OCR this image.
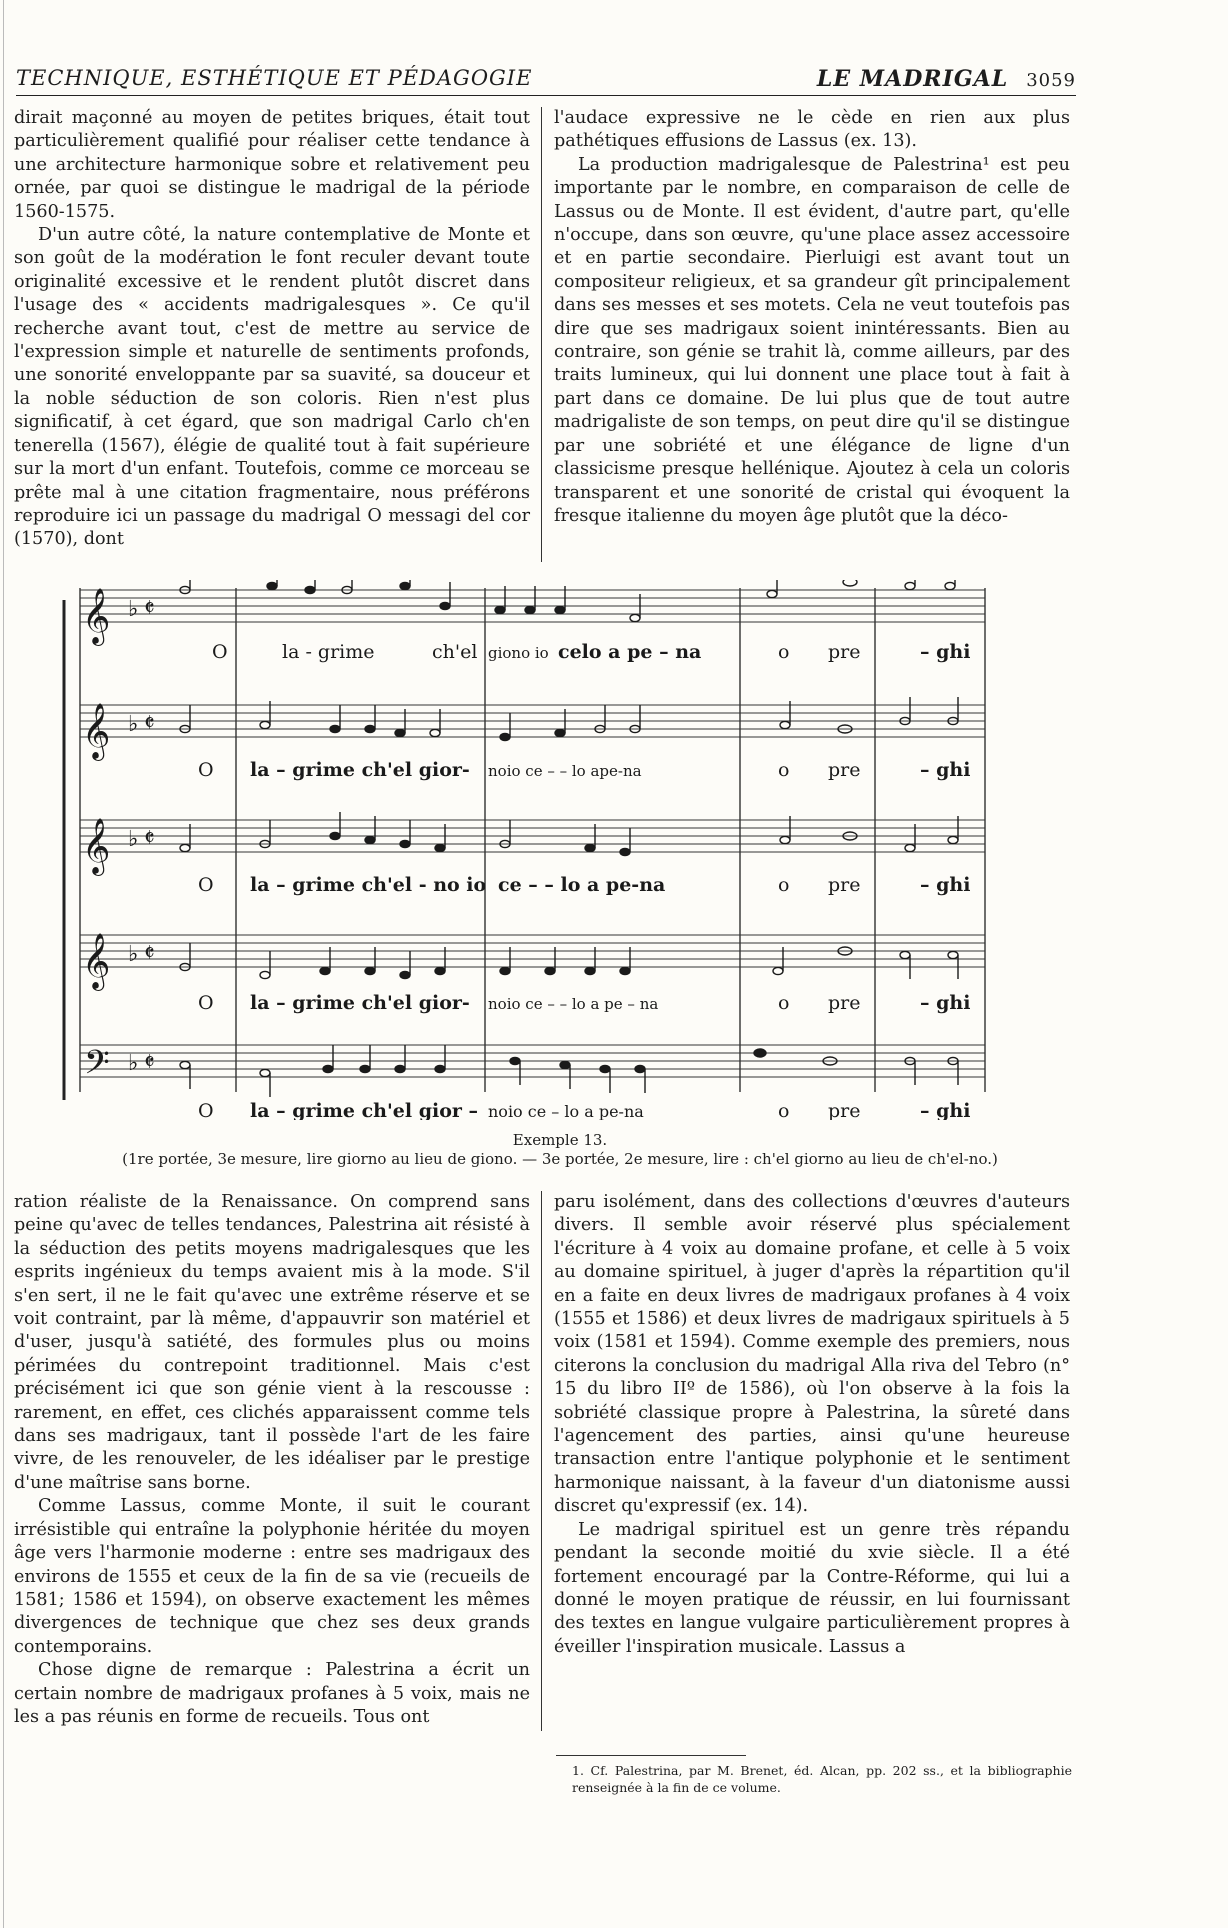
TECHNIQUE, ESTHÉTIQUE ET PÉDAGOGIE	LE MADRIGAL 3059

dirait maçonné au moyen de petites briques, était tout particulièrement qualifié pour réaliser cette tendance à une architecture harmonique sobre et relativement peu ornée, par quoi se distingue le madrigal de la période 1560-1575.

D'un autre côté, la nature contemplative de Monte et son goût de la modération le font reculer devant toute originalité excessive et le rendent plutôt discret dans l'usage des « accidents madrigalesques ». Ce qu'il recherche avant tout, c'est de mettre au service de l'expression simple et naturelle de sentiments profonds, une sonorité enveloppante par sa suavité, sa douceur et la noble séduction de son coloris. Rien n'est plus significatif, à cet égard, que son madrigal Carlo ch'en tenerella (1567), élégie de qualité tout à fait supérieure sur la mort d'un enfant. Toutefois, comme ce morceau se prête mal à une citation fragmentaire, nous préférons reproduire ici un passage du madrigal O messagi del cor (1570), dont

l'audace expressive ne le cède en rien aux plus pathétiques effusions de Lassus (ex. 13).

La production madrigalesque de Palestrina¹ est peu importante par le nombre, en comparaison de celle de Lassus ou de Monte. Il est évident, d'autre part, qu'elle n'occupe, dans son œuvre, qu'une place assez accessoire et en partie secondaire. Pierluigi est avant tout un compositeur religieux, et sa grandeur gît principalement dans ses messes et ses motets. Cela ne veut toutefois pas dire que ses madrigaux soient inintéressants. Bien au contraire, son génie se trahit là, comme ailleurs, par des traits lumineux, qui lui donnent une place tout à fait à part dans ce domaine. De lui plus que de tout autre madrigaliste de son temps, on peut dire qu'il se distingue par une sobriété et une élégance de ligne d'un classicisme presque hellénique. Ajoutez à cela un coloris transparent et une sonorité de cristal qui évoquent la fresque italienne du moyen âge plutôt que la déco-

𝄞
𝄞
𝄞
𝄞
𝄢
♭
♭
♭
♭
♭
𝄵
𝄵
𝄵
𝄵
𝄵
O	la - grime	ch'el giono io celo a pe – na	o pre	– ghi
O la – grime ch'el gior- noio ce – – lo ape-na	o pre	– ghi
O la – grime ch'el - no io ce – – lo a pe-na	o pre	– ghi
O la – grime ch'el gior- noio ce – – lo a pe – na	o pre	– ghi
O la – grime ch'el gior – noio ce – lo a pe-na	o pre	– ghi
Exemple 13.
(1re portée, 3e mesure, lire giorno au lieu de giono. — 3e portée, 2e mesure, lire : ch'el giorno au lieu de ch'el-no.)

ration réaliste de la Renaissance. On comprend sans peine qu'avec de telles tendances, Palestrina ait résisté à la séduction des petits moyens madrigalesques que les esprits ingénieux du temps avaient mis à la mode. S'il s'en sert, il ne le fait qu'avec une extrême réserve et se voit contraint, par là même, d'appauvrir son matériel et d'user, jusqu'à satiété, des formules plus ou moins périmées du contrepoint traditionnel. Mais c'est précisément ici que son génie vient à la rescousse : rarement, en effet, ces clichés apparaissent comme tels dans ses madrigaux, tant il possède l'art de les faire vivre, de les renouveler, de les idéaliser par le prestige d'une maîtrise sans borne.

Comme Lassus, comme Monte, il suit le courant irrésistible qui entraîne la polyphonie héritée du moyen âge vers l'harmonie moderne : entre ses madrigaux des environs de 1555 et ceux de la fin de sa vie (recueils de 1581; 1586 et 1594), on observe exactement les mêmes divergences de technique que chez ses deux grands contemporains.

Chose digne de remarque : Palestrina a écrit un certain nombre de madrigaux profanes à 5 voix, mais ne les a pas réunis en forme de recueils. Tous ont

paru isolément, dans des collections d'œuvres d'auteurs divers. Il semble avoir réservé plus spécialement l'écriture à 4 voix au domaine profane, et celle à 5 voix au domaine spirituel, à juger d'après la répartition qu'il en a faite en deux livres de madrigaux profanes à 4 voix (1555 et 1586) et deux livres de madrigaux spirituels à 5 voix (1581 et 1594). Comme exemple des premiers, nous citerons la conclusion du madrigal Alla riva del Tebro (n° 15 du libro IIº de 1586), où l'on observe à la fois la sobriété classique propre à Palestrina, la sûreté dans l'agencement des parties, ainsi qu'une heureuse transaction entre l'antique polyphonie et le sentiment harmonique naissant, à la faveur d'un diatonisme aussi discret qu'expressif (ex. 14).

Le madrigal spirituel est un genre très répandu pendant la seconde moitié du xvie siècle. Il a été fortement encouragé par la Contre-Réforme, qui lui a donné le moyen pratique de réussir, en lui fournissant des textes en langue vulgaire particulièrement propres à éveiller l'inspiration musicale. Lassus a

1. Cf. Palestrina, par M. Brenet, éd. Alcan, pp. 202 ss., et la bibliographie renseignée à la fin de ce volume.
